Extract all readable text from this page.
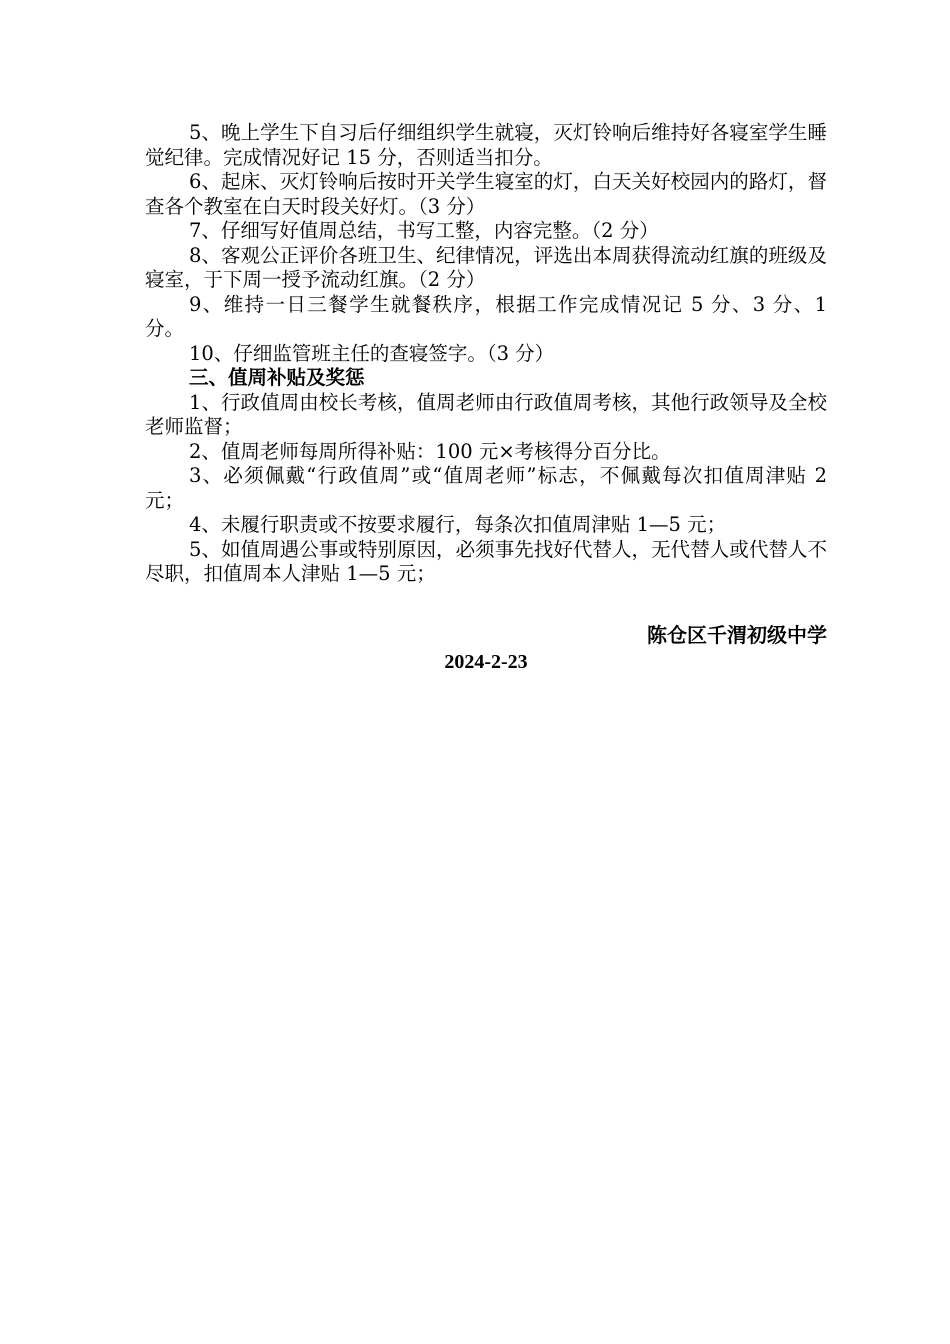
5、晚上学生下自习后仔细组织学生就寝，灭灯铃响后维持好各寝室学生睡觉纪律。完成情况好记 15 分，否则适当扣分。

6、起床、灭灯铃响后按时开关学生寝室的灯，白天关好校园内的路灯，督查各个教室在白天时段关好灯。（3 分）

7、仔细写好值周总结，书写工整，内容完整。（2 分）

8、客观公正评价各班卫生、纪律情况，评选出本周获得流动红旗的班级及寝室，于下周一授予流动红旗。（2 分）

9、维持一日三餐学生就餐秩序，根据工作完成情况记 5 分、3 分、1 分。

10、仔细监管班主任的查寝签字。（3 分）

三、值周补贴及奖惩

1、行政值周由校长考核，值周老师由行政值周考核，其他行政领导及全校老师监督；

2、值周老师每周所得补贴：100 元×考核得分百分比。

3、必须佩戴“行政值周”或“值周老师”标志，不佩戴每次扣值周津贴 2 元；

4、未履行职责或不按要求履行，每条次扣值周津贴 1—5 元；

5、如值周遇公事或特别原因，必须事先找好代替人，无代替人或代替人不尽职，扣值周本人津贴 1—5 元；

陈仓区千渭初级中学
2024-2-23
